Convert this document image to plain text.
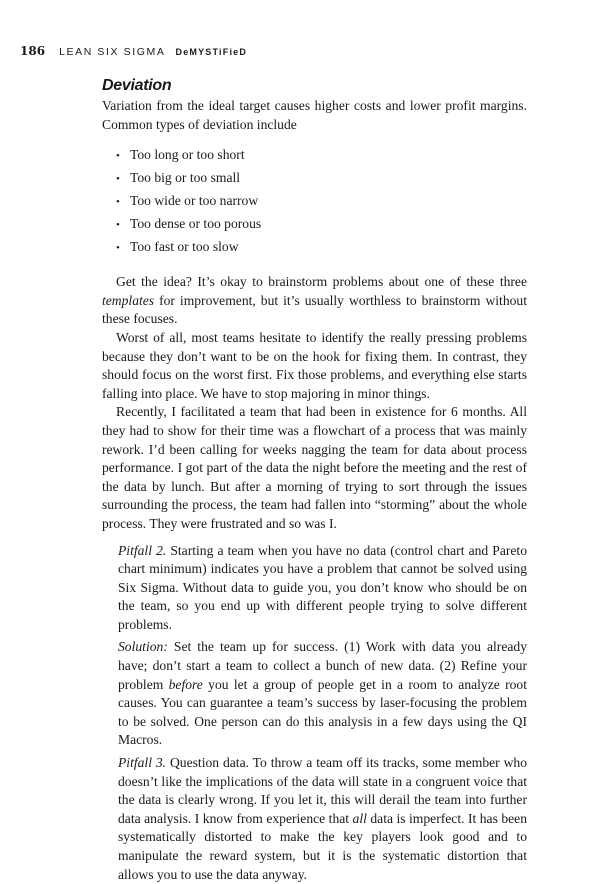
186 LEAN SIX SIGMA DeMYSTiFieD
Deviation

Variation from the ideal target causes higher costs and lower profit margins. Common types of deviation include

• Too long or too short
• Too big or too small
• Too wide or too narrow
• Too dense or too porous
• Too fast or too slow

Get the idea? It’s okay to brainstorm problems about one of these three templates for improvement, but it’s usually worthless to brainstorm without these focuses.

Worst of all, most teams hesitate to identify the really pressing problems because they don’t want to be on the hook for fixing them. In contrast, they should focus on the worst first. Fix those problems, and everything else starts falling into place. We have to stop majoring in minor things.

Recently, I facilitated a team that had been in existence for 6 months. All they had to show for their time was a flowchart of a process that was mainly rework. I’d been calling for weeks nagging the team for data about process performance. I got part of the data the night before the meeting and the rest of the data by lunch. But after a morning of trying to sort through the issues surrounding the process, the team had fallen into “storming” about the whole process. They were frustrated and so was I.

Pitfall 2. Starting a team when you have no data (control chart and Pareto chart minimum) indicates you have a problem that cannot be solved using Six Sigma. Without data to guide you, you don’t know who should be on the team, so you end up with different people trying to solve different problems.

Solution: Set the team up for success. (1) Work with data you already have; don’t start a team to collect a bunch of new data. (2) Refine your problem before you let a group of people get in a room to analyze root causes. You can guarantee a team’s success by laser-focusing the problem to be solved. One person can do this analysis in a few days using the QI Macros.

Pitfall 3. Question data. To throw a team off its tracks, some member who doesn’t like the implications of the data will state in a congruent voice that the data is clearly wrong. If you let it, this will derail the team into further data analysis. I know from experience that all data is imperfect. It has been systematically distorted to make the key players look good and to manipulate the reward system, but it is the systematic distortion that allows you to use the data anyway.
